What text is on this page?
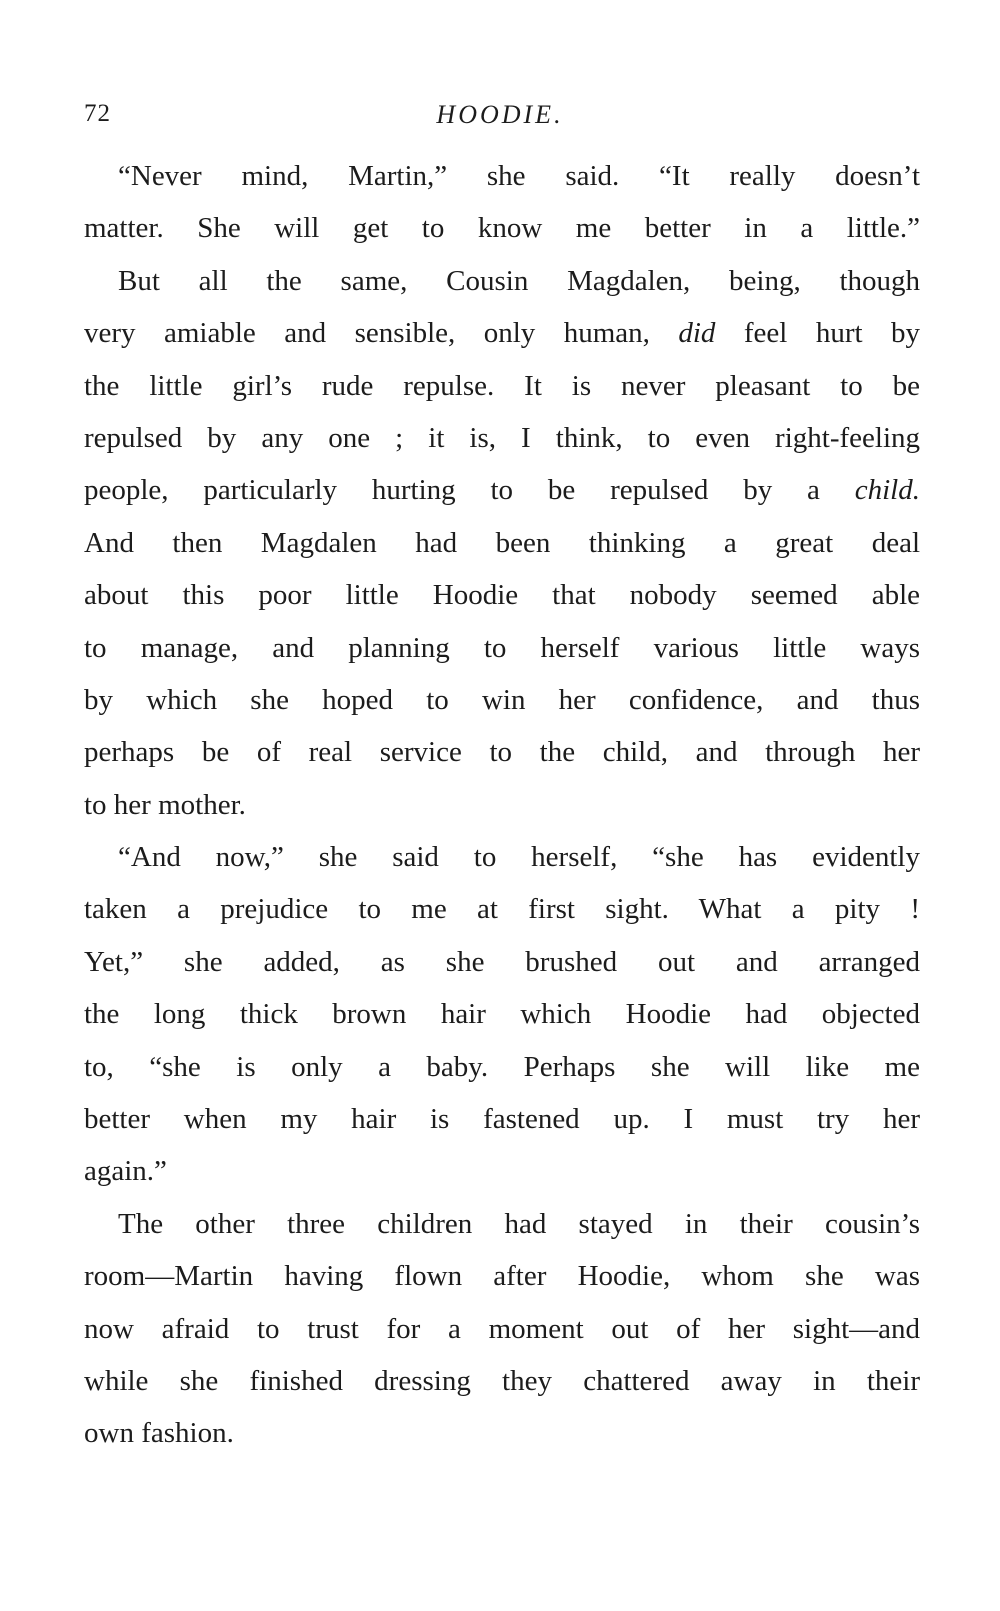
72	HOODIE.
“Never mind, Martin,” she said. “It really doesn’t
matter. She will get to know me better in a little.”
But all the same, Cousin Magdalen, being, though
very amiable and sensible, only human, did feel hurt by
the little girl’s rude repulse. It is never pleasant to be
repulsed by any one ; it is, I think, to even right-feeling
people, particularly hurting to be repulsed by a child.
And then Magdalen had been thinking a great deal
about this poor little Hoodie that nobody seemed able
to manage, and planning to herself various little ways
by which she hoped to win her confidence, and thus
perhaps be of real service to the child, and through her
to her mother.
“And now,” she said to herself, “she has evidently
taken a prejudice to me at first sight. What a pity !
Yet,” she added, as she brushed out and arranged
the long thick brown hair which Hoodie had objected
to, “she is only a baby. Perhaps she will like me
better when my hair is fastened up. I must try her
again.”
The other three children had stayed in their cousin’s
room—Martin having flown after Hoodie, whom she was
now afraid to trust for a moment out of her sight—and
while she finished dressing they chattered away in their
own fashion.
